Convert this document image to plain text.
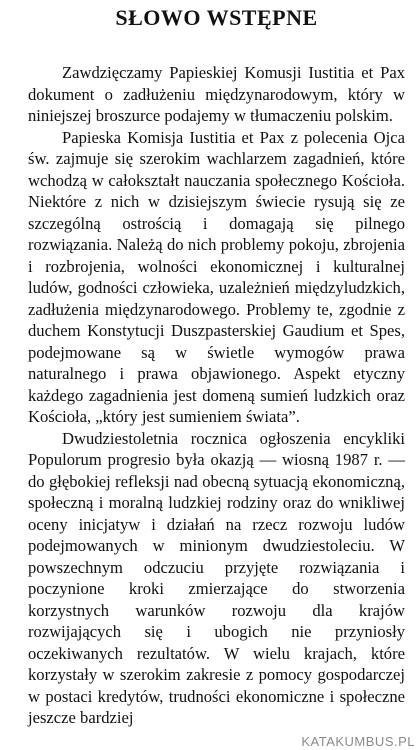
SŁOWO WSTĘPNE

Zawdzięczamy Papieskiej Komusji Iustitia et Pax dokument o zadłużeniu międzynarodowym, który w niniejszej broszurce podajemy w tłumaczeniu polskim.

Papieska Komisja Iustitia et Pax z polecenia Ojca św. zajmuje się szerokim wachlarzem zagadnień, które wchodzą w całokształt nauczania społecznego Kościoła. Niektóre z nich w dzisiejszym świecie rysują się ze szczególną ostrością i domagają się pilnego rozwiązania. Należą do nich problemy pokoju, zbrojenia i rozbrojenia, wolności ekonomicznej i kulturalnej ludów, godności człowieka, uzależnień międzyludzkich, zadłużenia międzynarodowego. Problemy te, zgodnie z duchem Konstytucji Duszpasterskiej Gaudium et Spes, podejmowane są w świetle wymogów prawa naturalnego i prawa objawionego. Aspekt etyczny każdego zagadnienia jest domeną sumień ludzkich oraz Kościoła, „który jest sumieniem świata”.

Dwudziestoletnia rocznica ogłoszenia encykliki Populorum progresio była okazją — wiosną 1987 r. — do głębokiej refleksji nad obecną sytuacją ekonomiczną, społeczną i moralną ludzkiej rodziny oraz do wnikliwej oceny inicjatyw i działań na rzecz rozwoju ludów podejmowanych w minionym dwudziestoleciu. W powszechnym odczuciu przyjęte rozwiązania i poczynione kroki zmierzające do stworzenia korzystnych warunków rozwoju dla krajów rozwijających się i ubogich nie przyniosły oczekiwanych rezultatów. W wielu krajach, które korzystały w szerokim zakresie z pomocy gospodarczej w postaci kredytów, trudności ekonomiczne i społeczne jeszcze bardziej

KATAKUMBUS.PL
